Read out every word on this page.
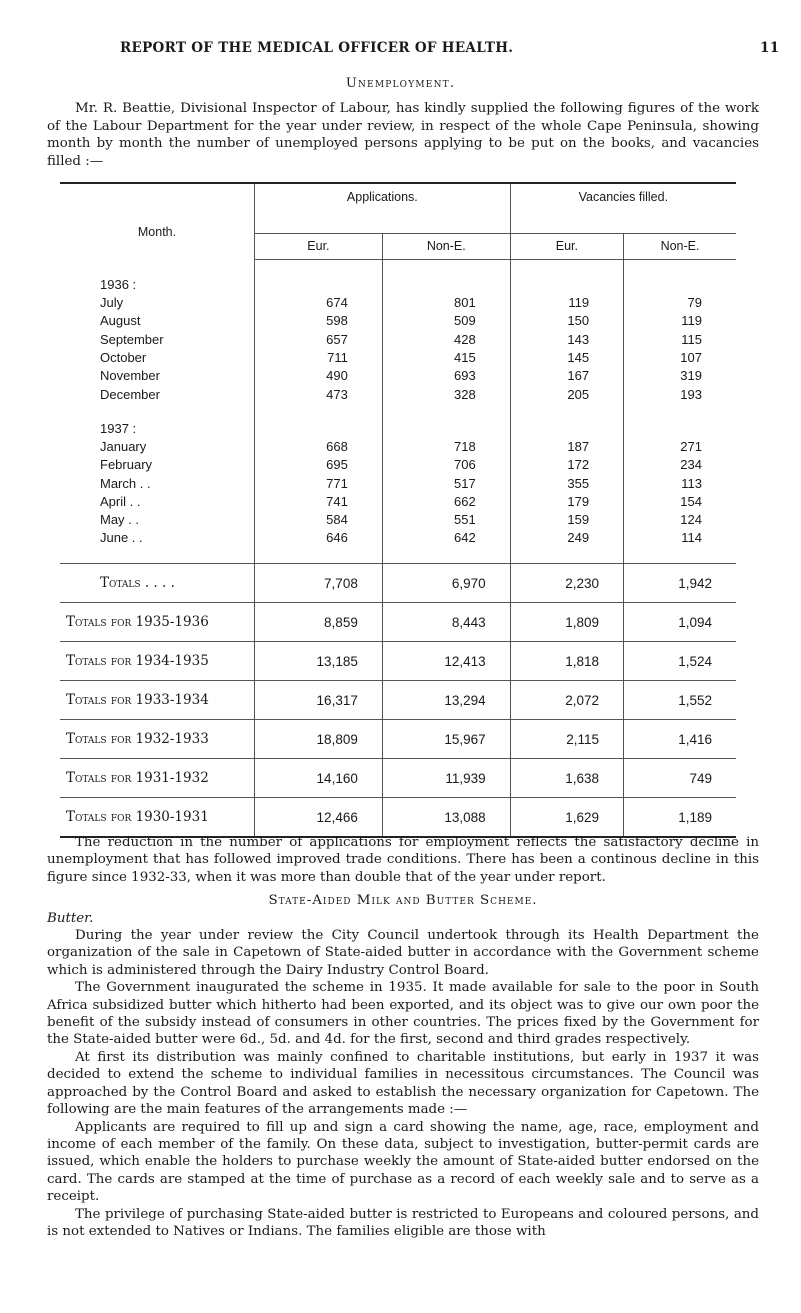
REPORT OF THE MEDICAL OFFICER OF HEALTH.	11
Unemployment.

Mr. R. Beattie, Divisional Inspector of Labour, has kindly supplied the following figures of the work of the Labour Department for the year under review, in respect of the whole Cape Peninsula, showing month by month the number of unemployed persons applying to be put on the books, and vacancies filled :—

Month.	Applications.		Vacancies filled.	
	Eur.	Non-E.	Eur.	Non-E.

1936 :				
July	674	801	119	79
August	598	509	150	119
September	657	428	143	115
October	711	415	145	107
November	490	693	167	319
December	473	328	205	193

1937 :				
January	668	718	187	271
February	695	706	172	234
March . .	771	517	355	113
April . .	741	662	179	154
May . .	584	551	159	124
June . .	646	642	249	114

Totals . . . .	7,708	6,970	2,230	1,942
Totals for 1935-1936	8,859	8,443	1,809	1,094
Totals for 1934-1935	13,185	12,413	1,818	1,524
Totals for 1933-1934	16,317	13,294	2,072	1,552
Totals for 1932-1933	18,809	15,967	2,115	1,416
Totals for 1931-1932	14,160	11,939	1,638	749
Totals for 1930-1931	12,466	13,088	1,629	1,189

The reduction in the number of applications for employment reflects the satisfactory decline in unemployment that has followed improved trade conditions. There has been a continous decline in this figure since 1932-33, when it was more than double that of the year under report.

State-Aided Milk and Butter Scheme.

Butter.

During the year under review the City Council undertook through its Health Department the organization of the sale in Capetown of State-aided butter in accordance with the Government scheme which is administered through the Dairy Industry Control Board.

The Government inaugurated the scheme in 1935. It made available for sale to the poor in South Africa subsidized butter which hitherto had been exported, and its object was to give our own poor the benefit of the subsidy instead of consumers in other countries. The prices fixed by the Government for the State-aided butter were 6d., 5d. and 4d. for the first, second and third grades respectively.

At first its distribution was mainly confined to charitable institutions, but early in 1937 it was decided to extend the scheme to individual families in necessitous circumstances. The Council was approached by the Control Board and asked to establish the necessary organization for Capetown. The following are the main features of the arrangements made :—

Applicants are required to fill up and sign a card showing the name, age, race, employment and income of each member of the family. On these data, subject to investigation, butter-permit cards are issued, which enable the holders to purchase weekly the amount of State-aided butter endorsed on the card. The cards are stamped at the time of purchase as a record of each weekly sale and to serve as a receipt.

The privilege of purchasing State-aided butter is restricted to Europeans and coloured persons, and is not extended to Natives or Indians. The families eligible are those with
